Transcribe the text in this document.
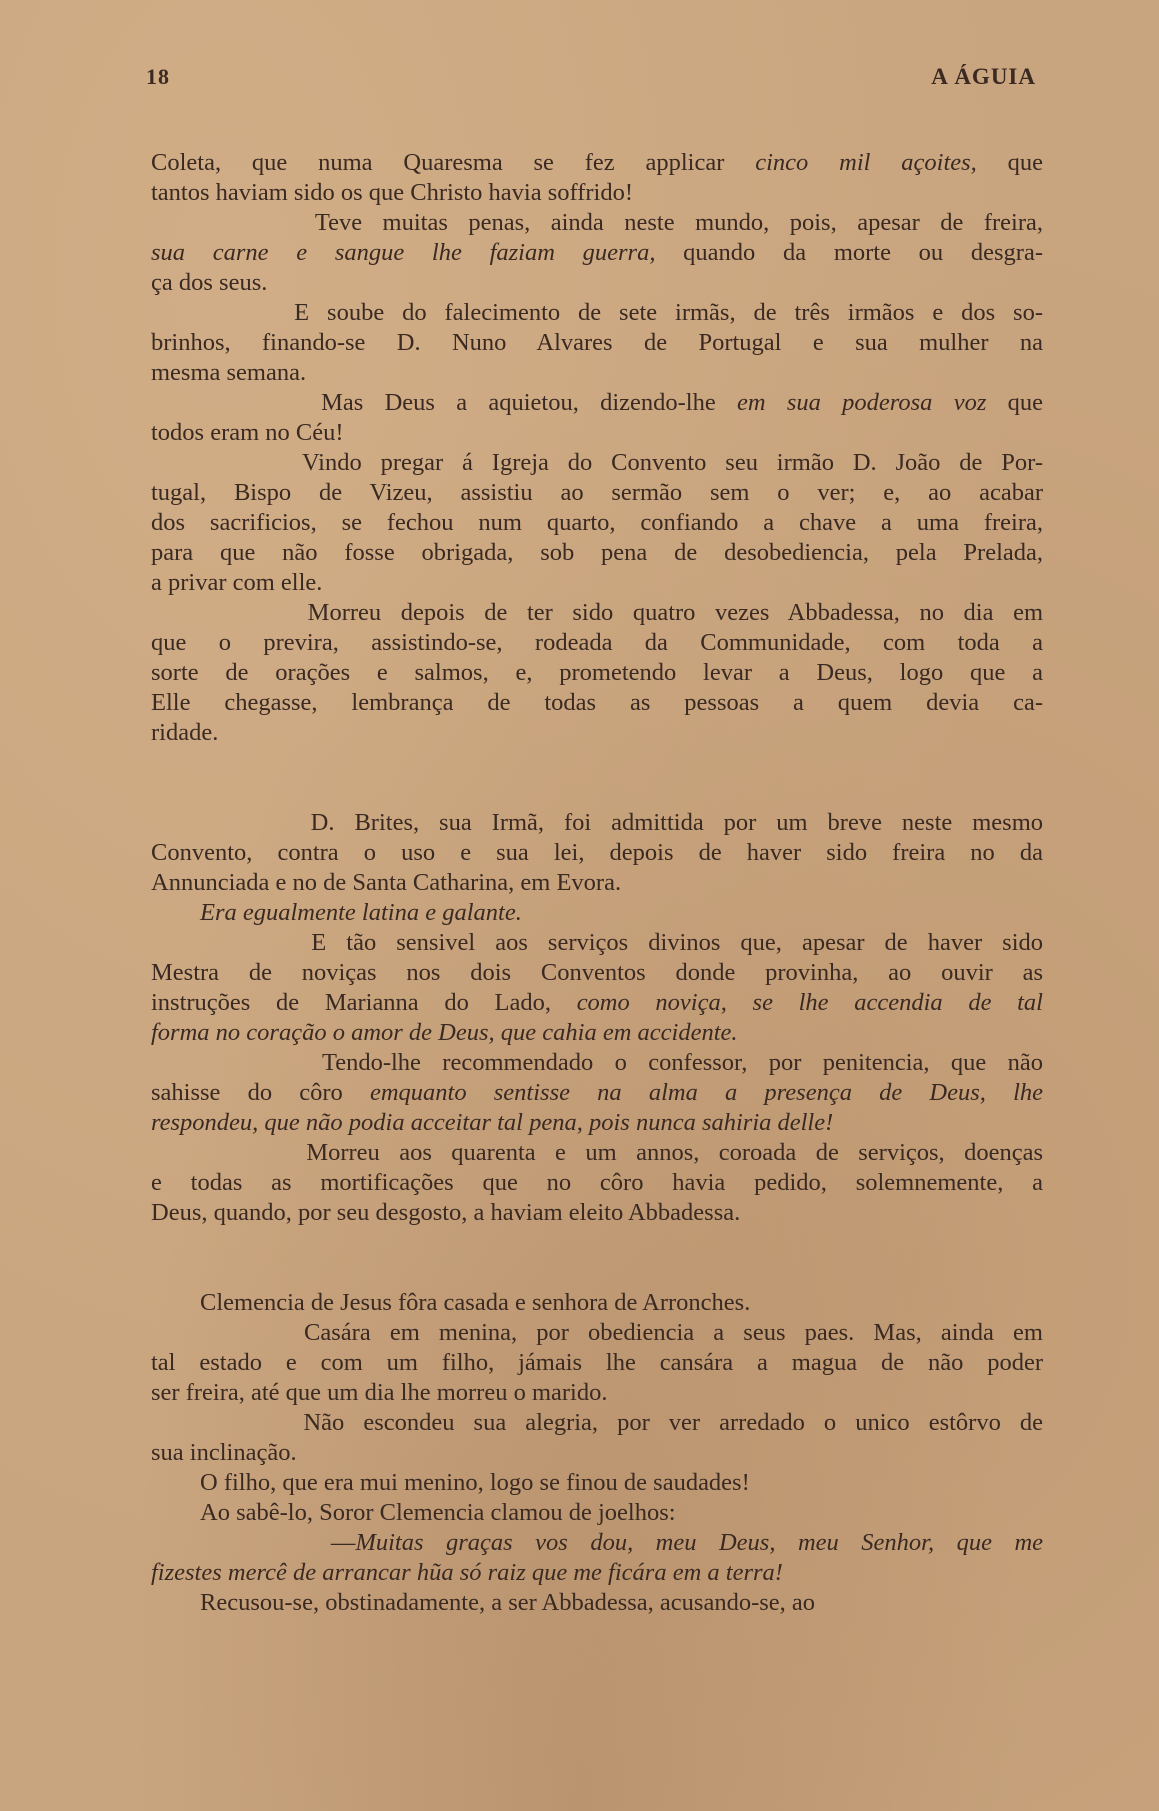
18	A ÁGUIA
Coleta, que numa Quaresma se fez applicar cinco mil açoites, que
tantos haviam sido os que Christo havia soffrido!
Teve muitas penas, ainda neste mundo, pois, apesar de freira,
sua carne e sangue lhe faziam guerra, quando da morte ou desgra-
ça dos seus.
E soube do falecimento de sete irmãs, de três irmãos e dos so-
brinhos, finando-se D. Nuno Alvares de Portugal e sua mulher na
mesma semana.
Mas Deus a aquietou, dizendo-lhe em sua poderosa voz que
todos eram no Céu!
Vindo pregar á Igreja do Convento seu irmão D. João de Por-
tugal, Bispo de Vizeu, assistiu ao sermão sem o ver; e, ao acabar
dos sacrificios, se fechou num quarto, confiando a chave a uma freira,
para que não fosse obrigada, sob pena de desobediencia, pela Prelada,
a privar com elle.
Morreu depois de ter sido quatro vezes Abbadessa, no dia em
que o previra, assistindo-se, rodeada da Communidade, com toda a
sorte de orações e salmos, e, prometendo levar a Deus, logo que a
Elle chegasse, lembrança de todas as pessoas a quem devia ca-
ridade.
D. Brites, sua Irmã, foi admittida por um breve neste mesmo
Convento, contra o uso e sua lei, depois de haver sido freira no da
Annunciada e no de Santa Catharina, em Evora.
Era egualmente latina e galante.
E tão sensivel aos serviços divinos que, apesar de haver sido
Mestra de noviças nos dois Conventos donde provinha, ao ouvir as
instruções de Marianna do Lado, como noviça, se lhe accendia de tal
forma no coração o amor de Deus, que cahia em accidente.
Tendo-lhe recommendado o confessor, por penitencia, que não
sahisse do côro emquanto sentisse na alma a presença de Deus, lhe
respondeu, que não podia acceitar tal pena, pois nunca sahiria delle!
Morreu aos quarenta e um annos, coroada de serviços, doenças
e todas as mortificações que no côro havia pedido, solemnemente, a
Deus, quando, por seu desgosto, a haviam eleito Abbadessa.
Clemencia de Jesus fôra casada e senhora de Arronches.
Casára em menina, por obediencia a seus paes. Mas, ainda em
tal estado e com um filho, jámais lhe cansára a magua de não poder
ser freira, até que um dia lhe morreu o marido.
Não escondeu sua alegria, por ver arredado o unico estôrvo de
sua inclinação.
O filho, que era mui menino, logo se finou de saudades!
Ao sabê-lo, Soror Clemencia clamou de joelhos:
—Muitas graças vos dou, meu Deus, meu Senhor, que me
fizestes mercê de arrancar hũa só raiz que me ficára em a terra!
Recusou-se, obstinadamente, a ser Abbadessa, acusando-se, ao
